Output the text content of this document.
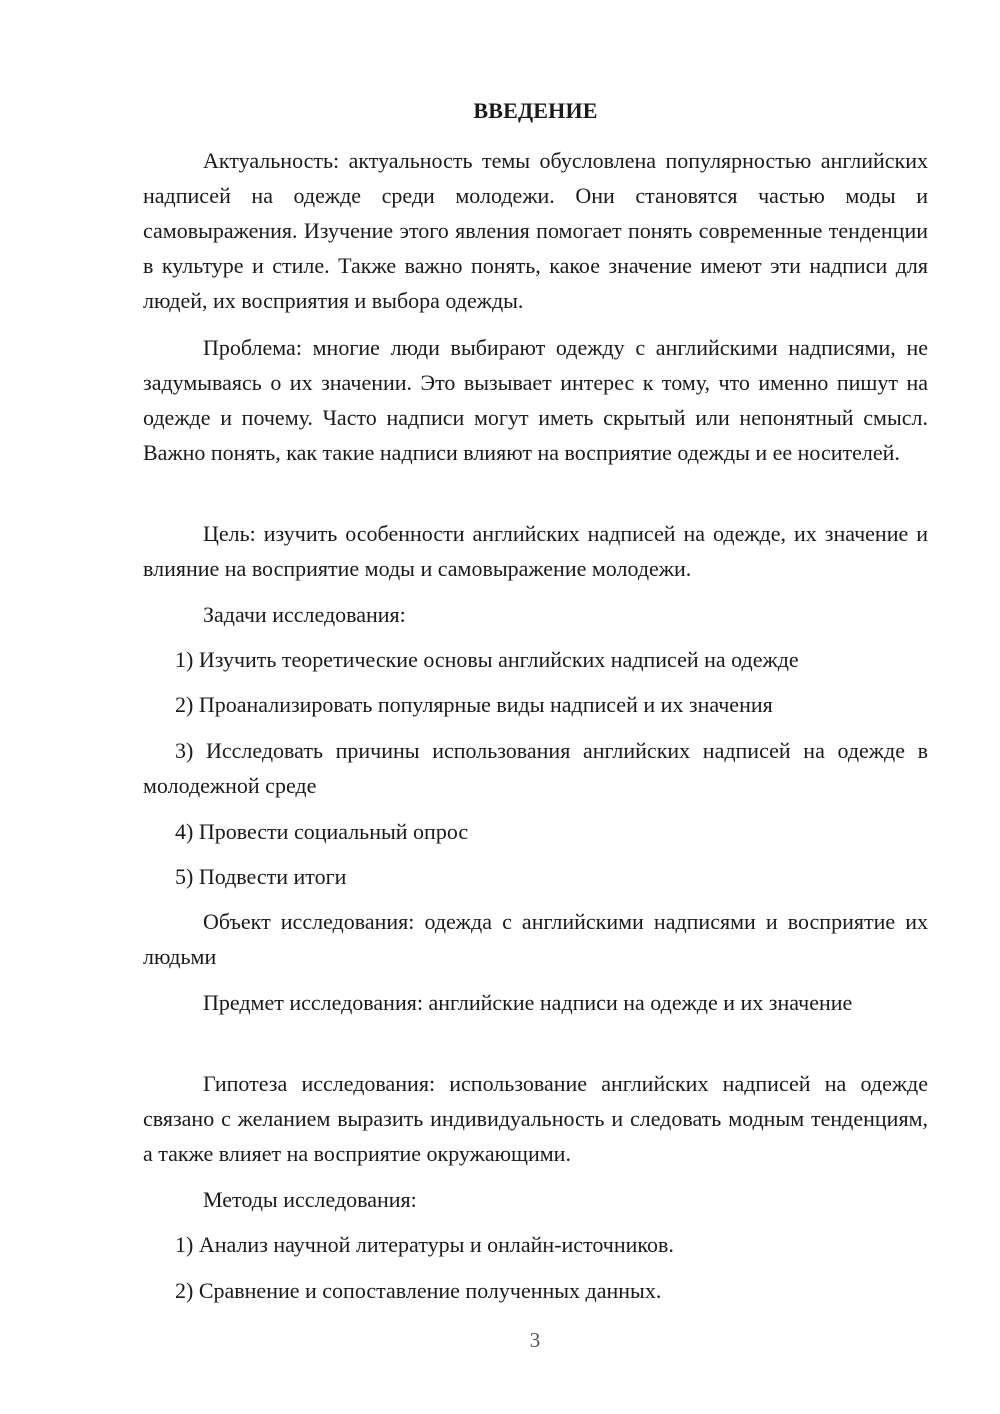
ВВЕДЕНИЕ

Актуальность: актуальность темы обусловлена популярностью английских надписей на одежде среди молодежи. Они становятся частью моды и самовыражения. Изучение этого явления помогает понять современные тенденции в культуре и стиле. Также важно понять, какое значение имеют эти надписи для людей, их восприятия и выбора одежды.

Проблема: многие люди выбирают одежду с английскими надписями, не задумываясь о их значении. Это вызывает интерес к тому, что именно пишут на одежде и почему. Часто надписи могут иметь скрытый или непонятный смысл. Важно понять, как такие надписи влияют на восприятие одежды и ее носителей.

Цель: изучить особенности английских надписей на одежде, их значение и влияние на восприятие моды и самовыражение молодежи.

Задачи исследования:

1) Изучить теоретические основы английских надписей на одежде

2) Проанализировать популярные виды надписей и их значения

3) Исследовать причины использования английских надписей на одежде в молодежной среде

4) Провести социальный опрос

5) Подвести итоги

Объект исследования: одежда с английскими надписями и восприятие их людьми

Предмет исследования: английские надписи на одежде и их значение

Гипотеза исследования: использование английских надписей на одежде связано с желанием выразить индивидуальность и следовать модным тенденциям, а также влияет на восприятие окружающими.

Методы исследования:

1) Анализ научной литературы и онлайн-источников.

2) Сравнение и сопоставление полученных данных.

3
